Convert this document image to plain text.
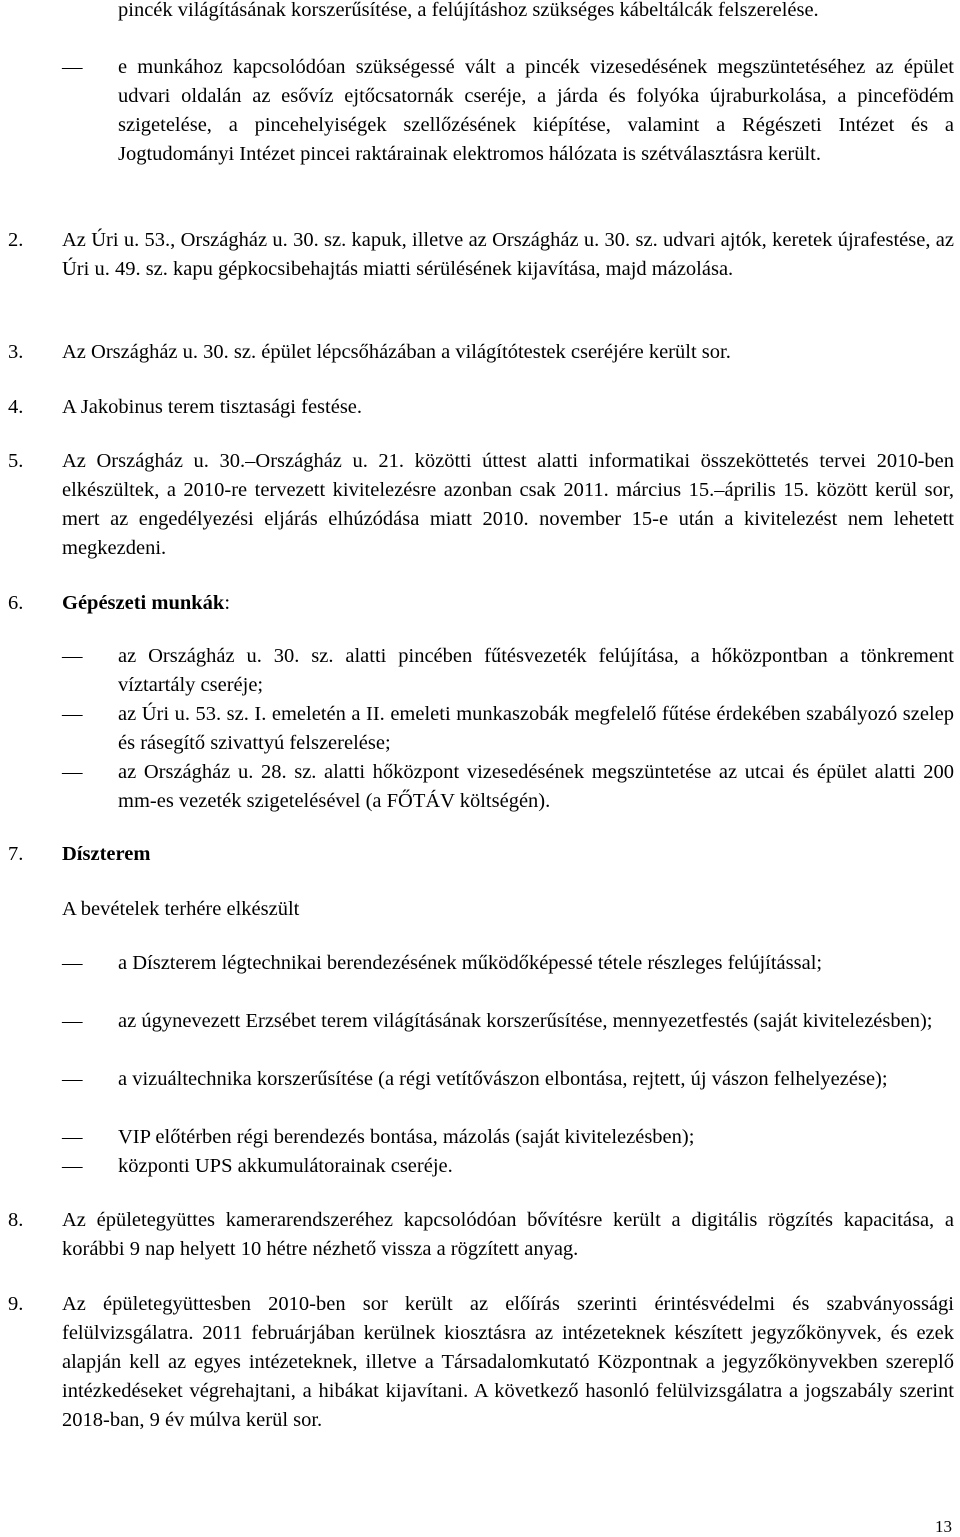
pincék világításának korszerűsítése, a felújításhoz szükséges kábeltálcák felszerelése.
—
e munkához kapcsolódóan szükségessé vált a pincék vizesedésének megszüntetéséhez az épület udvari oldalán az esővíz ejtőcsatornák cseréje, a járda és folyóka újraburkolása, a pincefödém szigetelése, a pincehelyiségek szellőzésének kiépítése, valamint a Régészeti Intézet és a Jogtudományi Intézet pincei raktárainak elektromos hálózata is szétválasztásra került.
2. Az Úri u. 53., Országház u. 30. sz. kapuk, illetve az Országház u. 30. sz. udvari ajtók, keretek újrafestése, az Úri u. 49. sz. kapu gépkocsibehajtás miatti sérülésének kijavítása, majd mázolása.
3. Az Országház u. 30. sz. épület lépcsőházában a világítótestek cseréjére került sor.
4. A Jakobinus terem tisztasági festése.
5. Az Országház u. 30.–Országház u. 21. közötti úttest alatti informatikai összeköttetés tervei 2010-ben elkészültek, a 2010-re tervezett kivitelezésre azonban csak 2011. március 15.–április 15. között kerül sor, mert az engedélyezési eljárás elhúzódása miatt 2010. november 15-e után a kivitelezést nem lehetett megkezdeni.
6. Gépészeti munkák:
—
az Országház u. 30. sz. alatti pincében fűtésvezeték felújítása, a hőközpontban a tönkrement víztartály cseréje;
—
az Úri u. 53. sz. I. emeletén a II. emeleti munkaszobák megfelelő fűtése érdekében szabályozó szelep és rásegítő szivattyú felszerelése;
—
az Országház u. 28. sz. alatti hőközpont vizesedésének megszüntetése az utcai és épület alatti 200 mm-es vezeték szigetelésével (a FŐTÁV költségén).
7. Díszterem
A bevételek terhére elkészült
—
a Díszterem légtechnikai berendezésének működőképessé tétele részleges felújítással;
—
az úgynevezett Erzsébet terem világításának korszerűsítése, mennyezetfestés (saját kivitelezésben);
—
a vizuáltechnika korszerűsítése (a régi vetítővászon elbontása, rejtett, új vászon felhelyezése);
—
VIP előtérben régi berendezés bontása, mázolás (saját kivitelezésben);
—
központi UPS akkumulátorainak cseréje.
8. Az épületegyüttes kamerarendszeréhez kapcsolódóan bővítésre került a digitális rögzítés kapacitása, a korábbi 9 nap helyett 10 hétre nézhető vissza a rögzített anyag.
9. Az épületegyüttesben 2010-ben sor került az előírás szerinti érintésvédelmi és szabványossági felülvizsgálatra. 2011 februárjában kerülnek kiosztásra az intézeteknek készített jegyzőkönyvek, és ezek alapján kell az egyes intézeteknek, illetve a Társadalomkutató Központnak a jegyzőkönyvekben szereplő intézkedéseket végrehajtani, a hibákat kijavítani. A következő hasonló felülvizsgálatra a jogszabály szerint 2018-ban, 9 év múlva kerül sor.
13
